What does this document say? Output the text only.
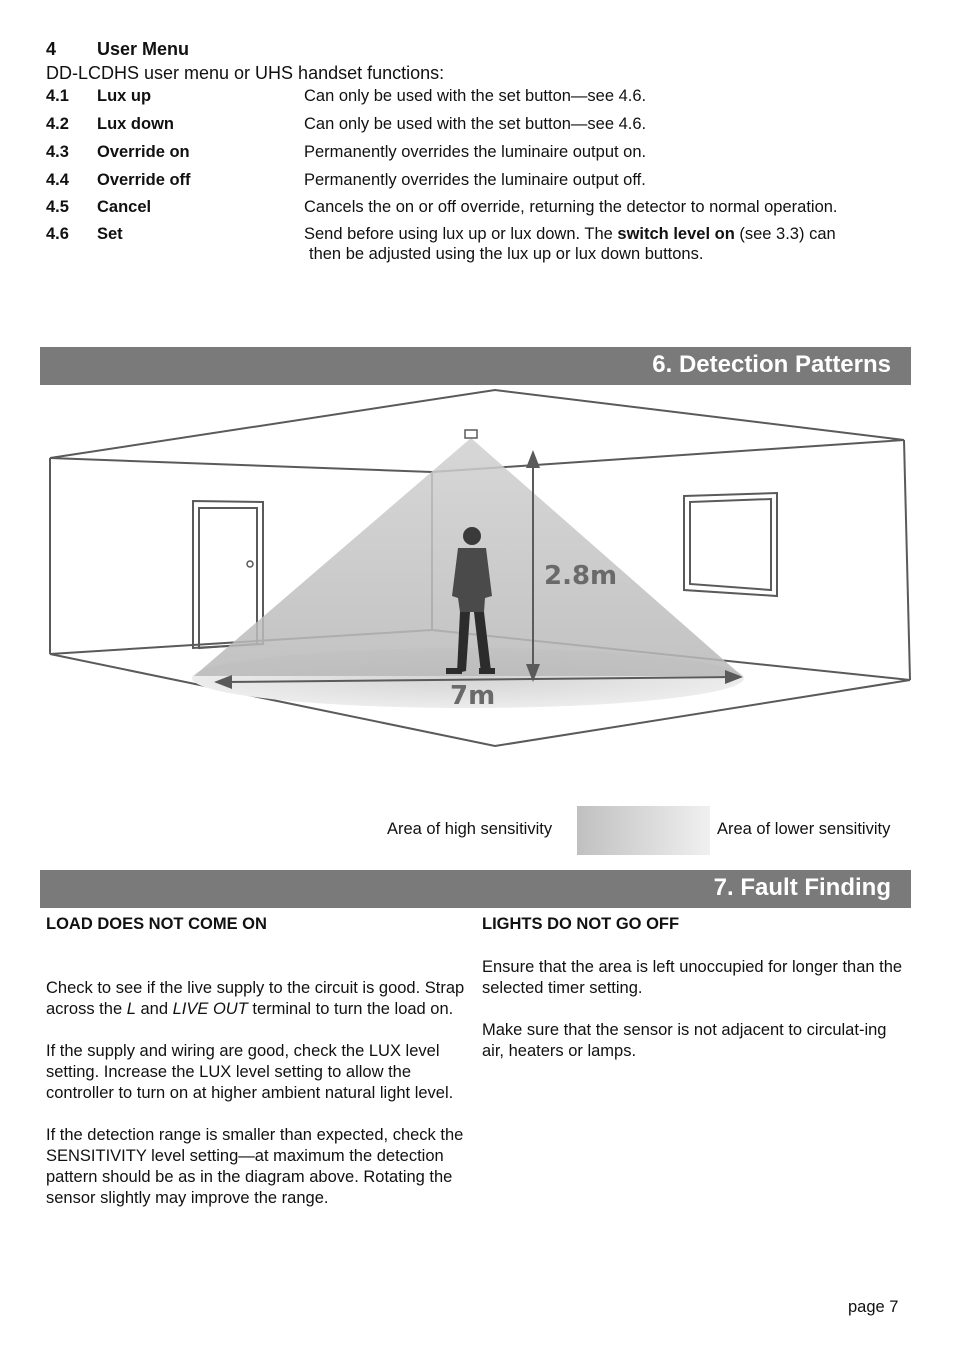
4 User Menu
DD-LCDHS user menu or UHS handset functions:
4.1 Lux up	Can only be used with the set button—see 4.6.
4.2 Lux down	Can only be used with the set button—see 4.6.
4.3 Override on	Permanently overrides the luminaire output on.
4.4 Override off	Permanently overrides the luminaire output off.
4.5 Cancel	Cancels the on or off override, returning the detector to normal operation.
4.6 Set	Send before using lux up or lux down. The switch level on (see 3.3) can
then be adjusted using the lux up or lux down buttons.
6. Detection Patterns
2.8m
7m
Area of high sensitivity	Area of lower sensitivity
7. Fault Finding
LOAD DOES NOT COME ON

Check to see if the live supply to the circuit is good. Strap across the L and LIVE OUT terminal to turn the load on.

If the supply and wiring are good, check the LUX level setting. Increase the LUX level setting to allow the controller to turn on at higher ambient natural light level.

If the detection range is smaller than expected, check the SENSITIVITY level setting—at maximum the detection pattern should be as in the diagram above. Rotating the sensor slightly may improve the range.

LIGHTS DO NOT GO OFF

Ensure that the area is left unoccupied for longer than the selected timer setting.

Make sure that the sensor is not adjacent to circulat-ing air, heaters or lamps.

page 7
